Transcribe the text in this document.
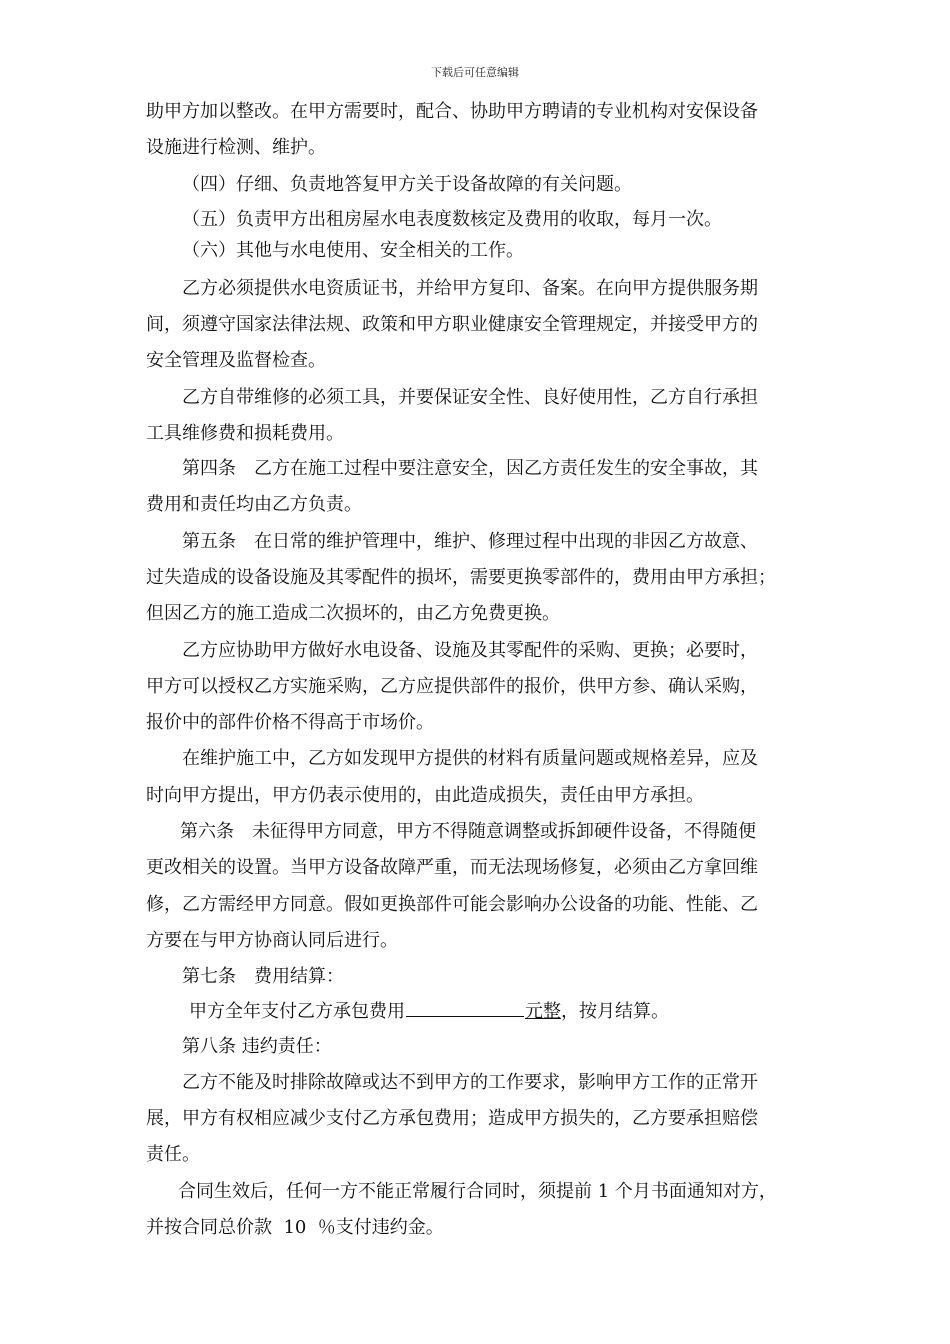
下载后可任意编辑
助甲方加以整改。在甲方需要时，配合、协助甲方聘请的专业机构对安保设备
设施进行检测、维护。
（四）仔细、负责地答复甲方关于设备故障的有关问题。
（五）负责甲方出租房屋水电表度数核定及费用的收取，每月一次。
（六）其他与水电使用、安全相关的工作。
乙方必须提供水电资质证书，并给甲方复印、备案。在向甲方提供服务期
间，须遵守国家法律法规、政策和甲方职业健康安全管理规定，并接受甲方的
安全管理及监督检查。
乙方自带维修的必须工具，并要保证安全性、良好使用性，乙方自行承担
工具维修费和损耗费用。
第四条　乙方在施工过程中要注意安全，因乙方责任发生的安全事故，其
费用和责任均由乙方负责。
第五条　在日常的维护管理中，维护、修理过程中出现的非因乙方故意、
过失造成的设备设施及其零配件的损坏，需要更换零部件的，费用由甲方承担；
但因乙方的施工造成二次损坏的，由乙方免费更换。
乙方应协助甲方做好水电设备、设施及其零配件的采购、更换；必要时，
甲方可以授权乙方实施采购，乙方应提供部件的报价，供甲方参、确认采购，
报价中的部件价格不得高于市场价。
在维护施工中，乙方如发现甲方提供的材料有质量问题或规格差异，应及
时向甲方提出，甲方仍表示使用的，由此造成损失，责任由甲方承担。
第六条　未征得甲方同意，甲方不得随意调整或拆卸硬件设备，不得随便
更改相关的设置。当甲方设备故障严重，而无法现场修复，必须由乙方拿回维
修，乙方需经甲方同意。假如更换部件可能会影响办公设备的功能、性能、乙
方要在与甲方协商认同后进行。
第七条　费用结算：
甲方全年支付乙方承包费用	元整，按月结算。
第八条 违约责任：
乙方不能及时排除故障或达不到甲方的工作要求，影响甲方工作的正常开
展，甲方有权相应减少支付乙方承包费用；造成甲方损失的，乙方要承担赔偿
责任。
合同生效后，任何一方不能正常履行合同时，须提前 1 个月书面通知对方，
并按合同总价款  10  ％支付违约金。
